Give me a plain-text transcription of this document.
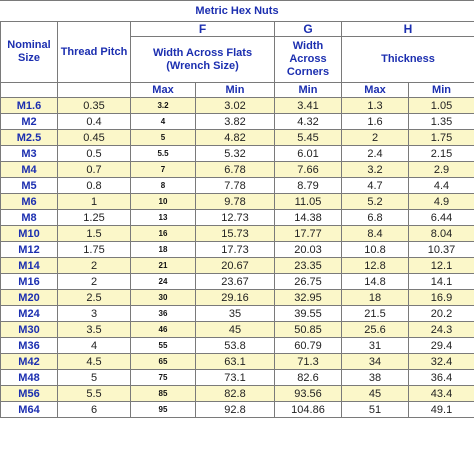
Metric Hex Nuts
Nominal Size	Thread Pitch	F		G	H	
		Width Across Flats (Wrench Size)		Width Across Corners	Thickness	
		Max	Min	Min	Max	Min
M1.6	0.35	3.2	3.02	3.41	1.3	1.05
M2	0.4	4	3.82	4.32	1.6	1.35
M2.5	0.45	5	4.82	5.45	2	1.75
M3	0.5	5.5	5.32	6.01	2.4	2.15
M4	0.7	7	6.78	7.66	3.2	2.9
M5	0.8	8	7.78	8.79	4.7	4.4
M6	1	10	9.78	11.05	5.2	4.9
M8	1.25	13	12.73	14.38	6.8	6.44
M10	1.5	16	15.73	17.77	8.4	8.04
M12	1.75	18	17.73	20.03	10.8	10.37
M14	2	21	20.67	23.35	12.8	12.1
M16	2	24	23.67	26.75	14.8	14.1
M20	2.5	30	29.16	32.95	18	16.9
M24	3	36	35	39.55	21.5	20.2
M30	3.5	46	45	50.85	25.6	24.3
M36	4	55	53.8	60.79	31	29.4
M42	4.5	65	63.1	71.3	34	32.4
M48	5	75	73.1	82.6	38	36.4
M56	5.5	85	82.8	93.56	45	43.4
M64	6	95	92.8	104.86	51	49.1
